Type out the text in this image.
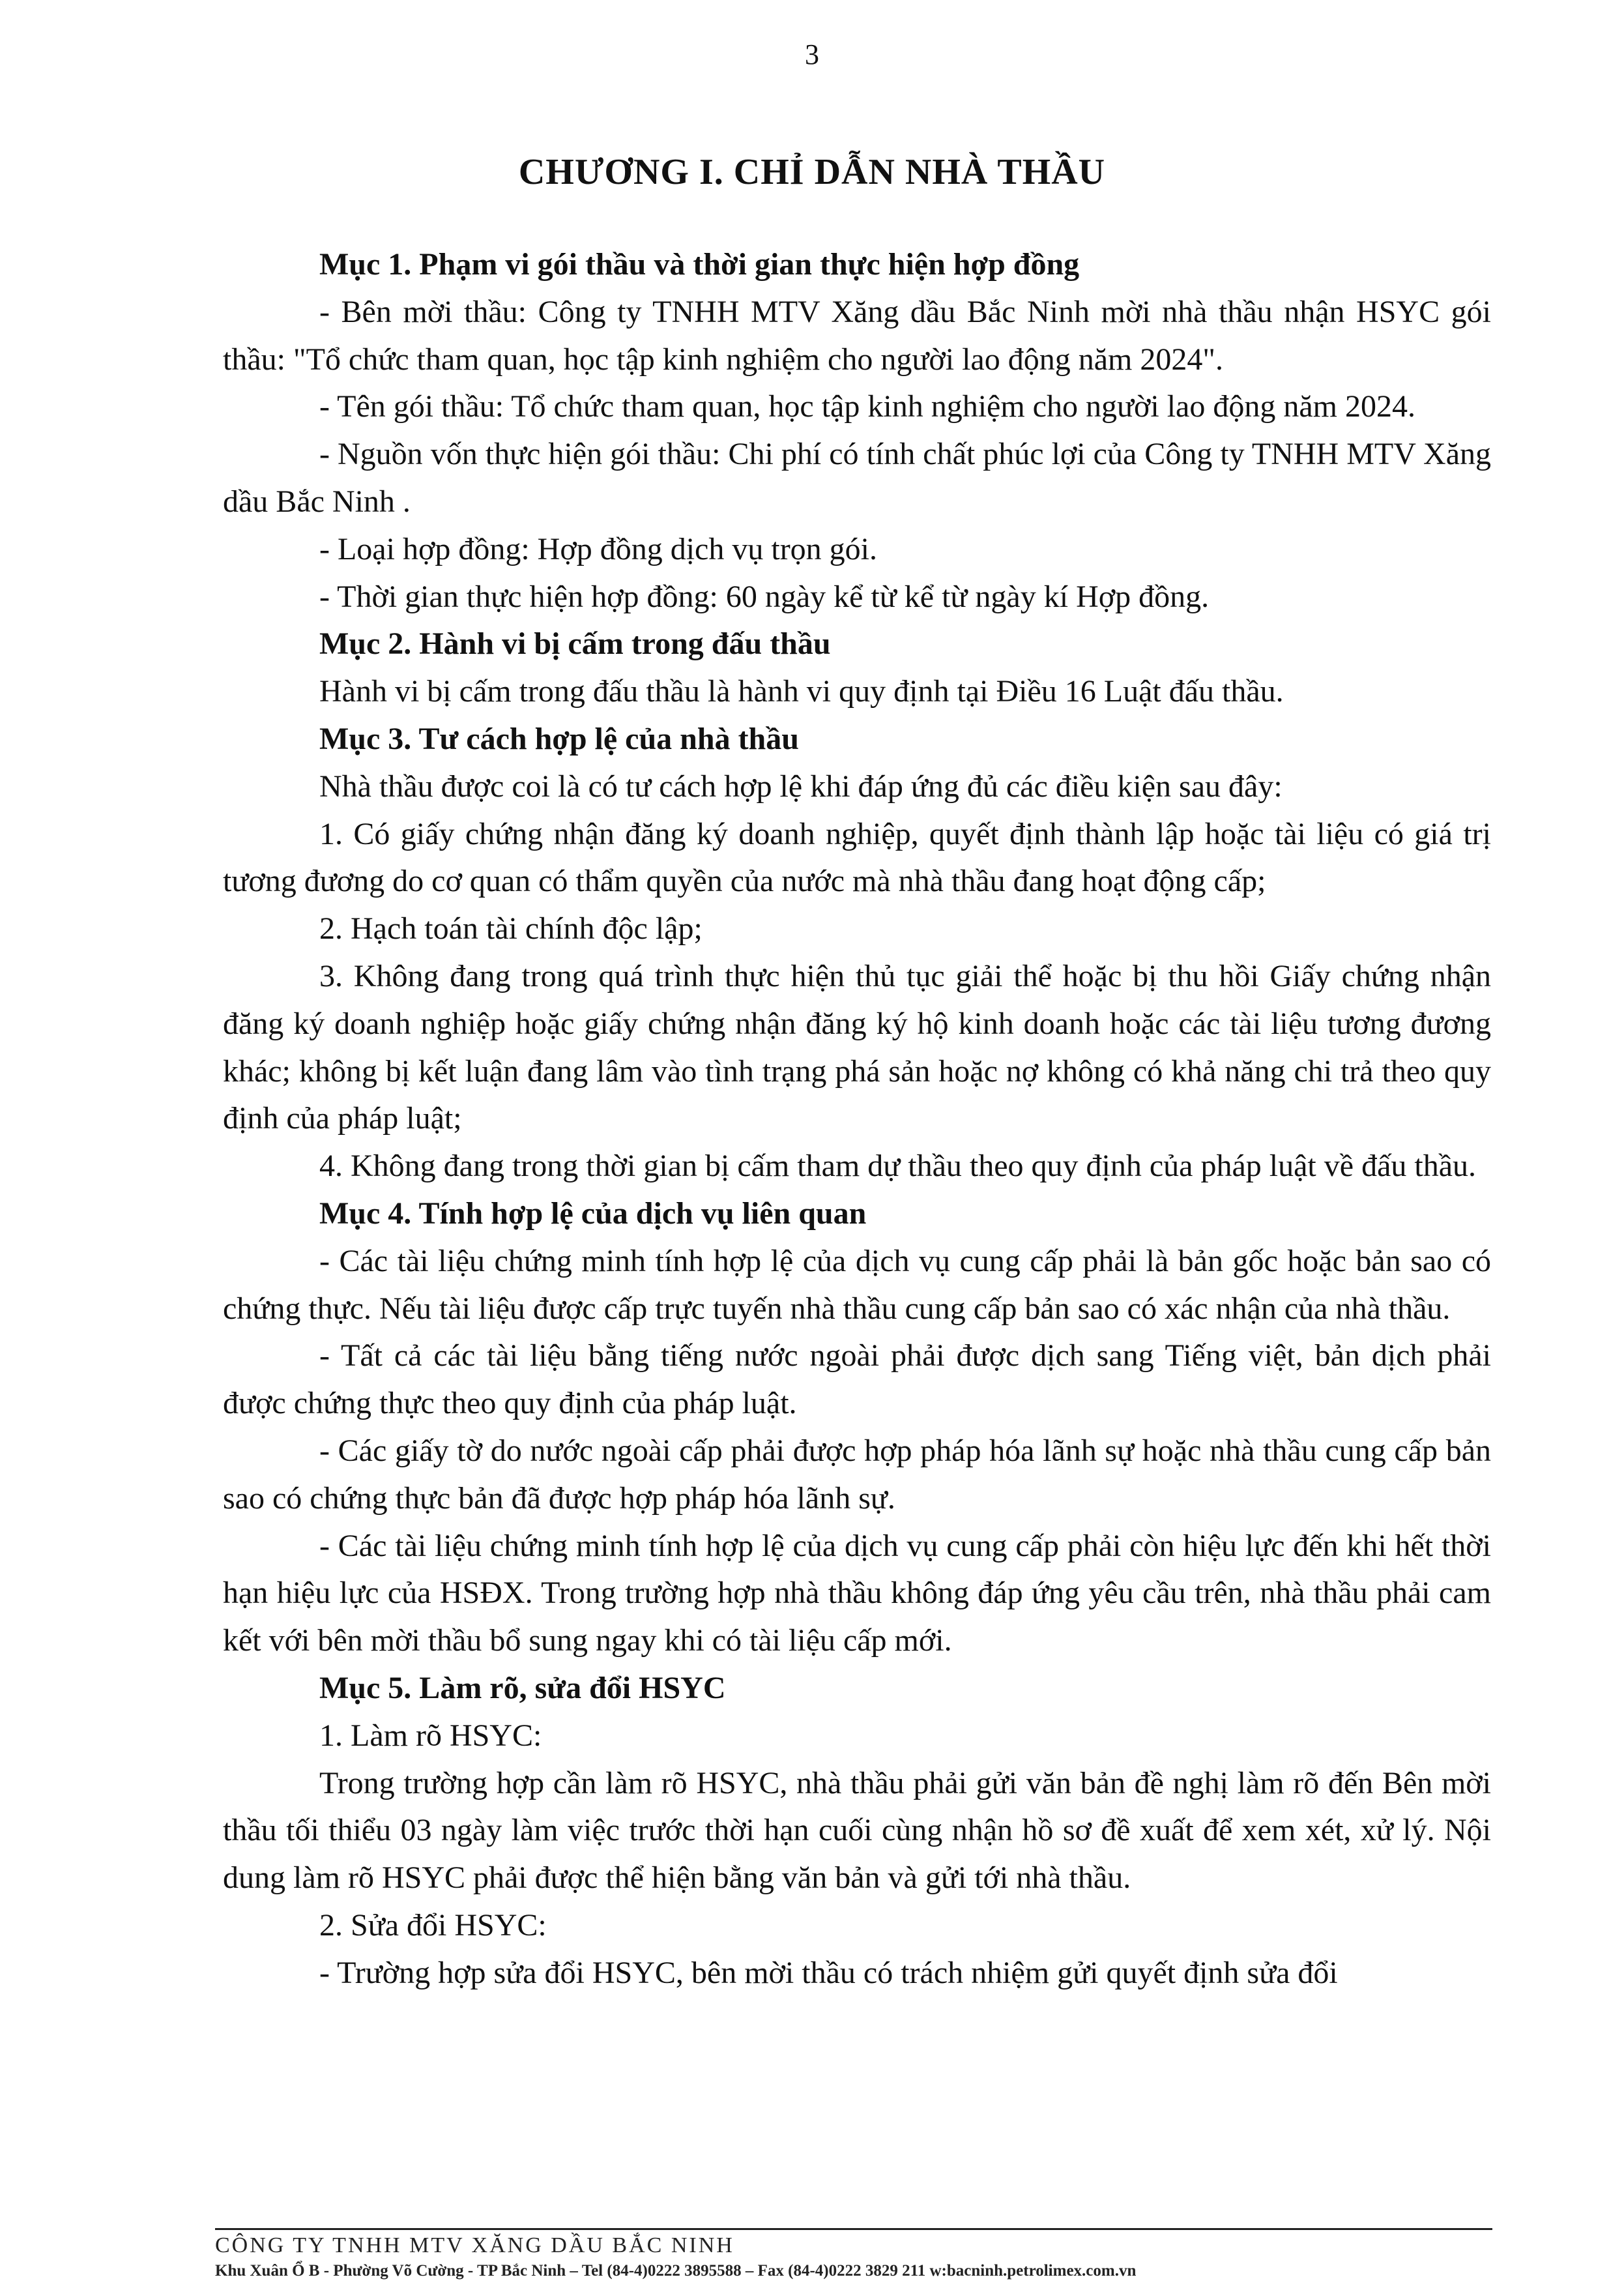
3
CHƯƠNG I. CHỈ DẪN NHÀ THẦU

Mục 1. Phạm vi gói thầu và thời gian thực hiện hợp đồng

- Bên mời thầu: Công ty TNHH MTV Xăng dầu Bắc Ninh mời nhà thầu nhận HSYC gói thầu: "Tổ chức tham quan, học tập kinh nghiệm cho người lao động năm 2024".

- Tên gói thầu: Tổ chức tham quan, học tập kinh nghiệm cho người lao động năm 2024.

- Nguồn vốn thực hiện gói thầu: Chi phí có tính chất phúc lợi của Công ty TNHH MTV Xăng dầu Bắc Ninh .

- Loại hợp đồng: Hợp đồng dịch vụ trọn gói.

- Thời gian thực hiện hợp đồng: 60 ngày kể từ kể từ ngày kí Hợp đồng.

Mục 2. Hành vi bị cấm trong đấu thầu

Hành vi bị cấm trong đấu thầu là hành vi quy định tại Điều 16 Luật đấu thầu.

Mục 3. Tư cách hợp lệ của nhà thầu

Nhà thầu được coi là có tư cách hợp lệ khi đáp ứng đủ các điều kiện sau đây:

1. Có giấy chứng nhận đăng ký doanh nghiệp, quyết định thành lập hoặc tài liệu có giá trị tương đương do cơ quan có thẩm quyền của nước mà nhà thầu đang hoạt động cấp;

2. Hạch toán tài chính độc lập;

3. Không đang trong quá trình thực hiện thủ tục giải thể hoặc bị thu hồi Giấy chứng nhận đăng ký doanh nghiệp hoặc giấy chứng nhận đăng ký hộ kinh doanh hoặc các tài liệu tương đương khác; không bị kết luận đang lâm vào tình trạng phá sản hoặc nợ không có khả năng chi trả theo quy định của pháp luật;

4. Không đang trong thời gian bị cấm tham dự thầu theo quy định của pháp luật về đấu thầu.

Mục 4. Tính hợp lệ của dịch vụ liên quan

- Các tài liệu chứng minh tính hợp lệ của dịch vụ cung cấp phải là bản gốc hoặc bản sao có chứng thực. Nếu tài liệu được cấp trực tuyến nhà thầu cung cấp bản sao có xác nhận của nhà thầu.

- Tất cả các tài liệu bằng tiếng nước ngoài phải được dịch sang Tiếng việt, bản dịch phải được chứng thực theo quy định của pháp luật.

- Các giấy tờ do nước ngoài cấp phải được hợp pháp hóa lãnh sự hoặc nhà thầu cung cấp bản sao có chứng thực bản đã được hợp pháp hóa lãnh sự.

- Các tài liệu chứng minh tính hợp lệ của dịch vụ cung cấp phải còn hiệu lực đến khi hết thời hạn hiệu lực của HSĐX. Trong trường hợp nhà thầu không đáp ứng yêu cầu trên, nhà thầu phải cam kết với bên mời thầu bổ sung ngay khi có tài liệu cấp mới.

Mục 5. Làm rõ, sửa đổi HSYC

1. Làm rõ HSYC:

Trong trường hợp cần làm rõ HSYC, nhà thầu phải gửi văn bản đề nghị làm rõ đến Bên mời thầu tối thiểu 03 ngày làm việc trước thời hạn cuối cùng nhận hồ sơ đề xuất để xem xét, xử lý. Nội dung làm rõ HSYC phải được thể hiện bằng văn bản và gửi tới nhà thầu.

2. Sửa đổi HSYC:

- Trường hợp sửa đổi HSYC, bên mời thầu có trách nhiệm gửi quyết định sửa đổi

CÔNG TY TNHH MTV XĂNG DẦU BẮC NINH
Khu Xuân Ổ B - Phường Võ Cường - TP Bắc Ninh – Tel (84-4)0222 3895588 – Fax (84-4)0222 3829 211 w:bacninh.petrolimex.com.vn
